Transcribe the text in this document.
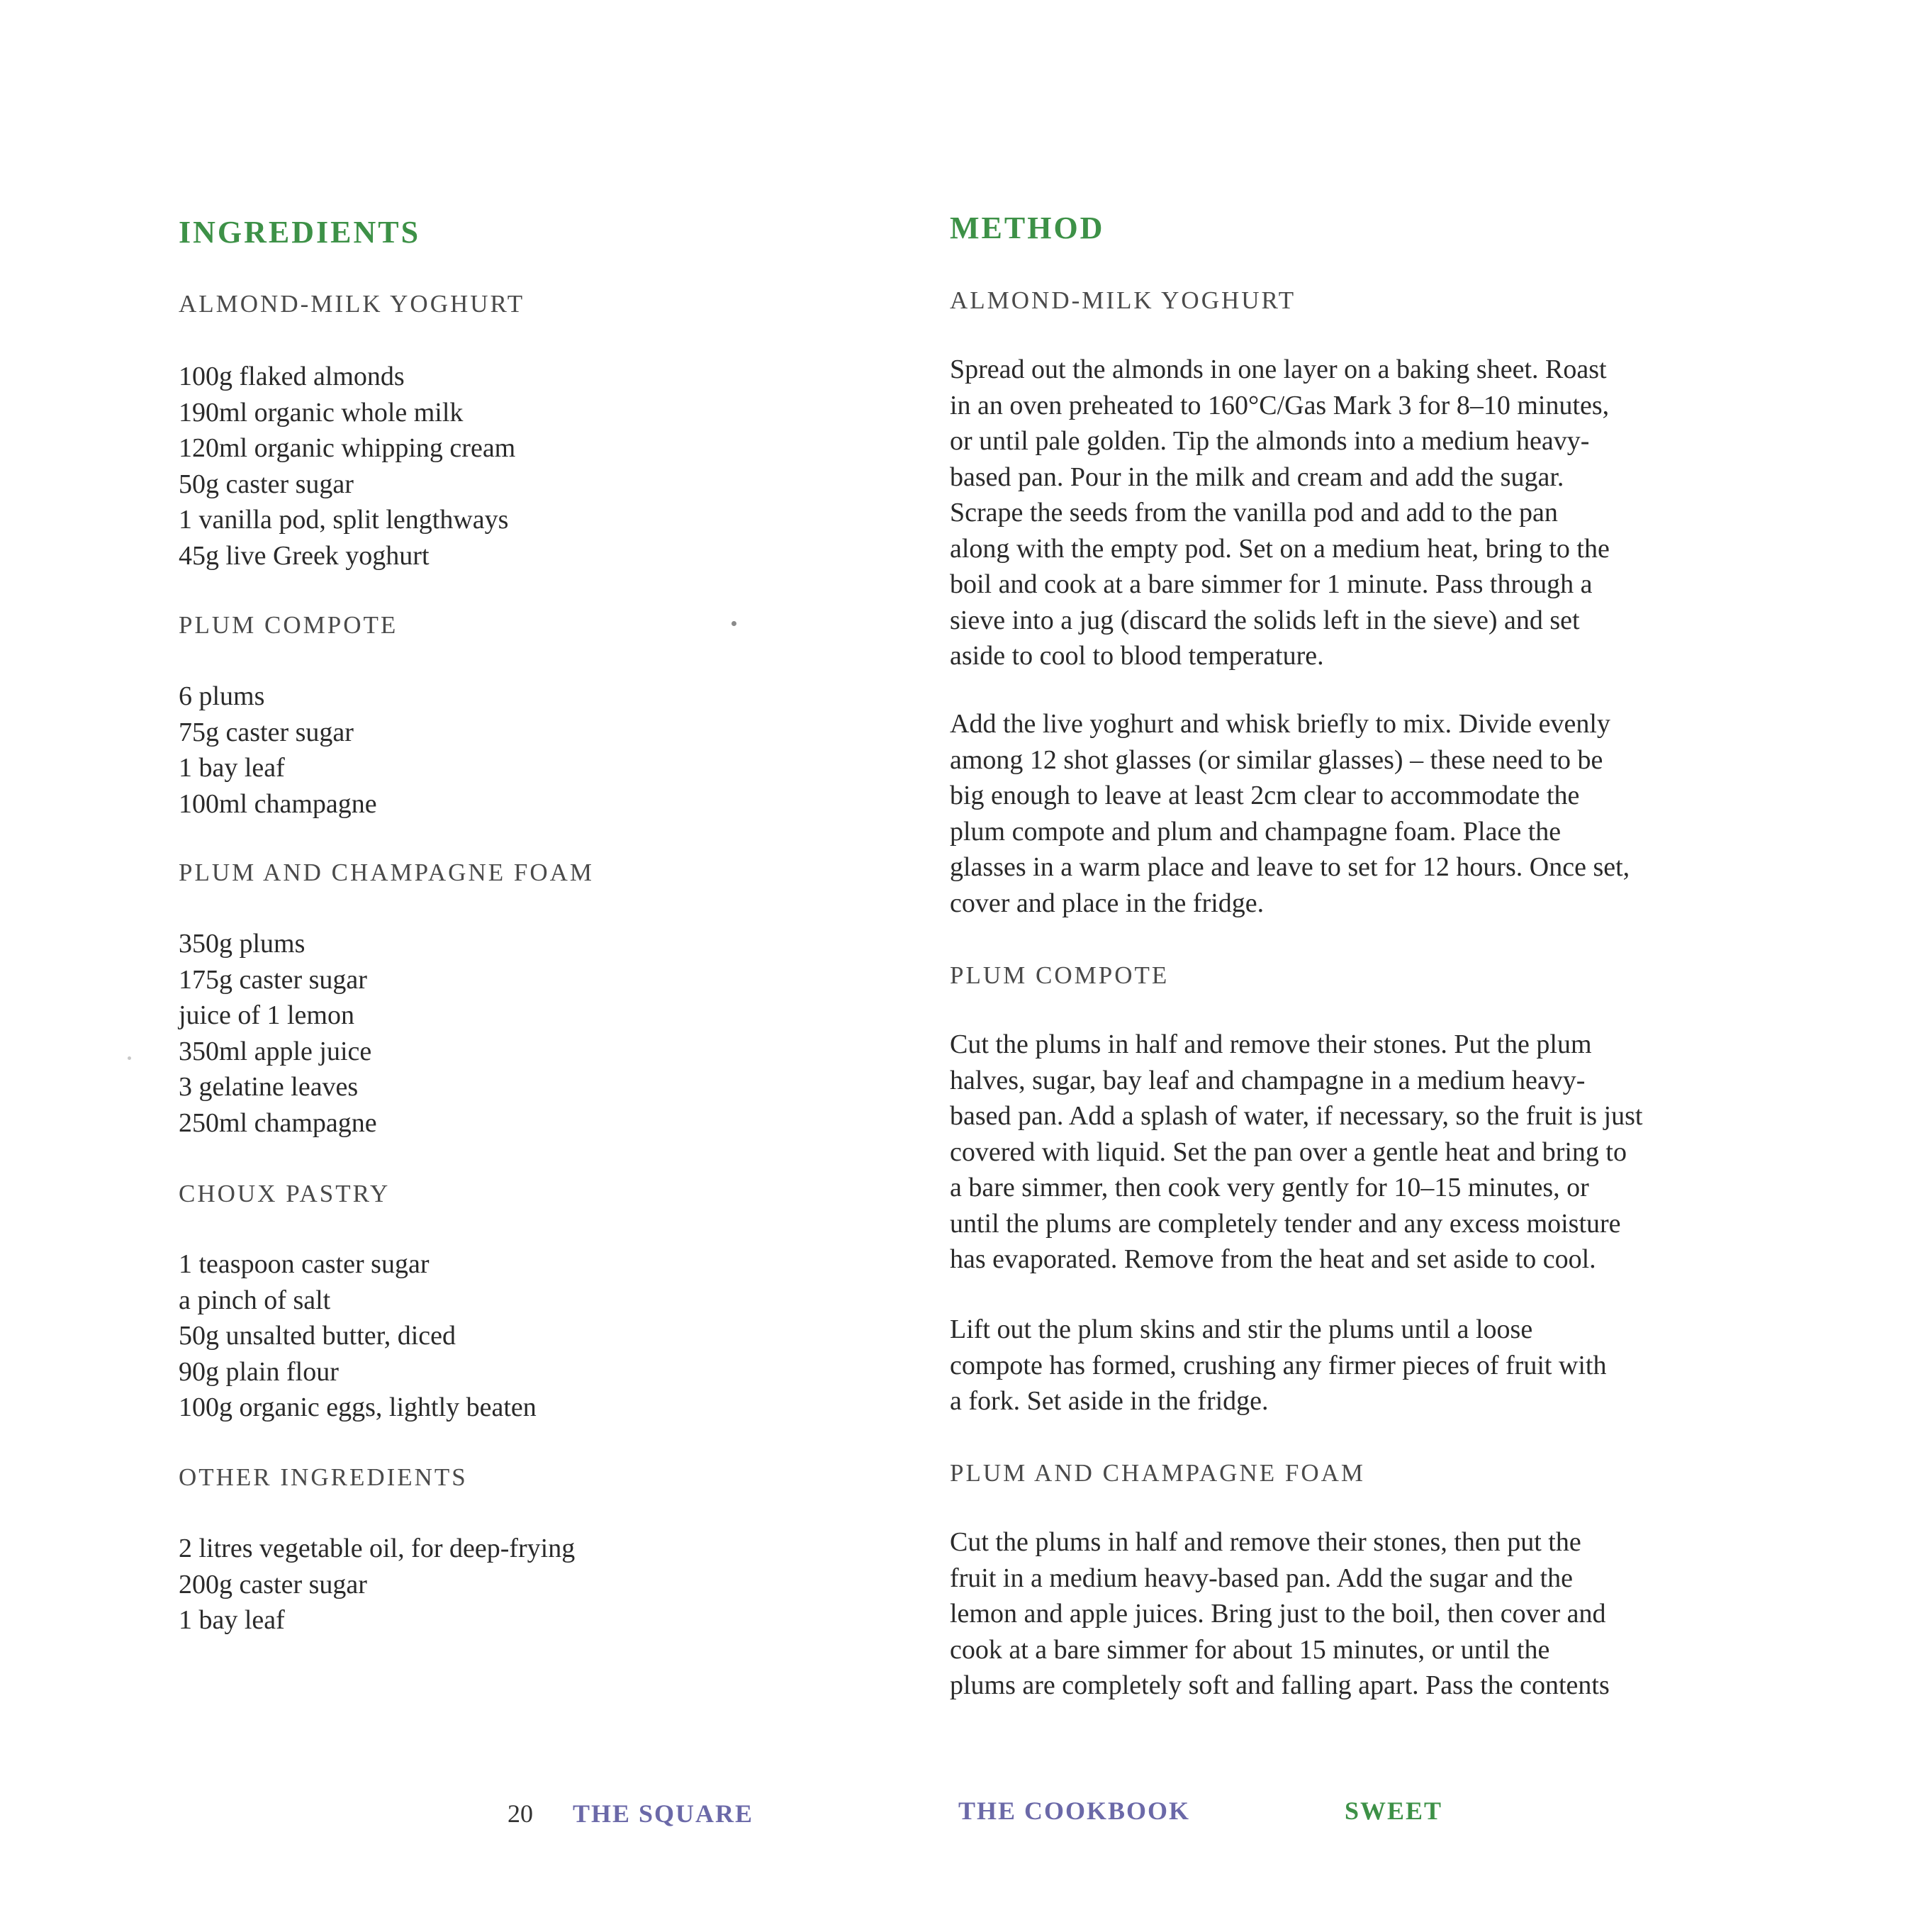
INGREDIENTS
ALMOND-MILK YOGHURT
100g flaked almonds
190ml organic whole milk
120ml organic whipping cream
50g caster sugar
1 vanilla pod, split lengthways
45g live Greek yoghurt
PLUM COMPOTE
6 plums
75g caster sugar
1 bay leaf
100ml champagne
PLUM AND CHAMPAGNE FOAM
350g plums
175g caster sugar
juice of 1 lemon
350ml apple juice
3 gelatine leaves
250ml champagne
CHOUX PASTRY
1 teaspoon caster sugar
a pinch of salt
50g unsalted butter, diced
90g plain flour
100g organic eggs, lightly beaten
OTHER INGREDIENTS
2 litres vegetable oil, for deep-frying
200g caster sugar
1 bay leaf
METHOD
ALMOND-MILK YOGHURT

Spread out the almonds in one layer on a baking sheet. Roast
in an oven preheated to 160°C/Gas Mark 3 for 8–10 minutes,
or until pale golden. Tip the almonds into a medium heavy-
based pan. Pour in the milk and cream and add the sugar.
Scrape the seeds from the vanilla pod and add to the pan
along with the empty pod. Set on a medium heat, bring to the
boil and cook at a bare simmer for 1 minute. Pass through a
sieve into a jug (discard the solids left in the sieve) and set
aside to cool to blood temperature.

Add the live yoghurt and whisk briefly to mix. Divide evenly
among 12 shot glasses (or similar glasses) – these need to be
big enough to leave at least 2cm clear to accommodate the
plum compote and plum and champagne foam. Place the
glasses in a warm place and leave to set for 12 hours. Once set,
cover and place in the fridge.

PLUM COMPOTE

Cut the plums in half and remove their stones. Put the plum
halves, sugar, bay leaf and champagne in a medium heavy-
based pan. Add a splash of water, if necessary, so the fruit is just
covered with liquid. Set the pan over a gentle heat and bring to
a bare simmer, then cook very gently for 10–15 minutes, or
until the plums are completely tender and any excess moisture
has evaporated. Remove from the heat and set aside to cool.

Lift out the plum skins and stir the plums until a loose
compote has formed, crushing any firmer pieces of fruit with
a fork. Set aside in the fridge.

PLUM AND CHAMPAGNE FOAM

Cut the plums in half and remove their stones, then put the
fruit in a medium heavy-based pan. Add the sugar and the
lemon and apple juices. Bring just to the boil, then cover and
cook at a bare simmer for about 15 minutes, or until the
plums are completely soft and falling apart. Pass the contents

20 THE SQUARE	THE COOKBOOK	SWEET
